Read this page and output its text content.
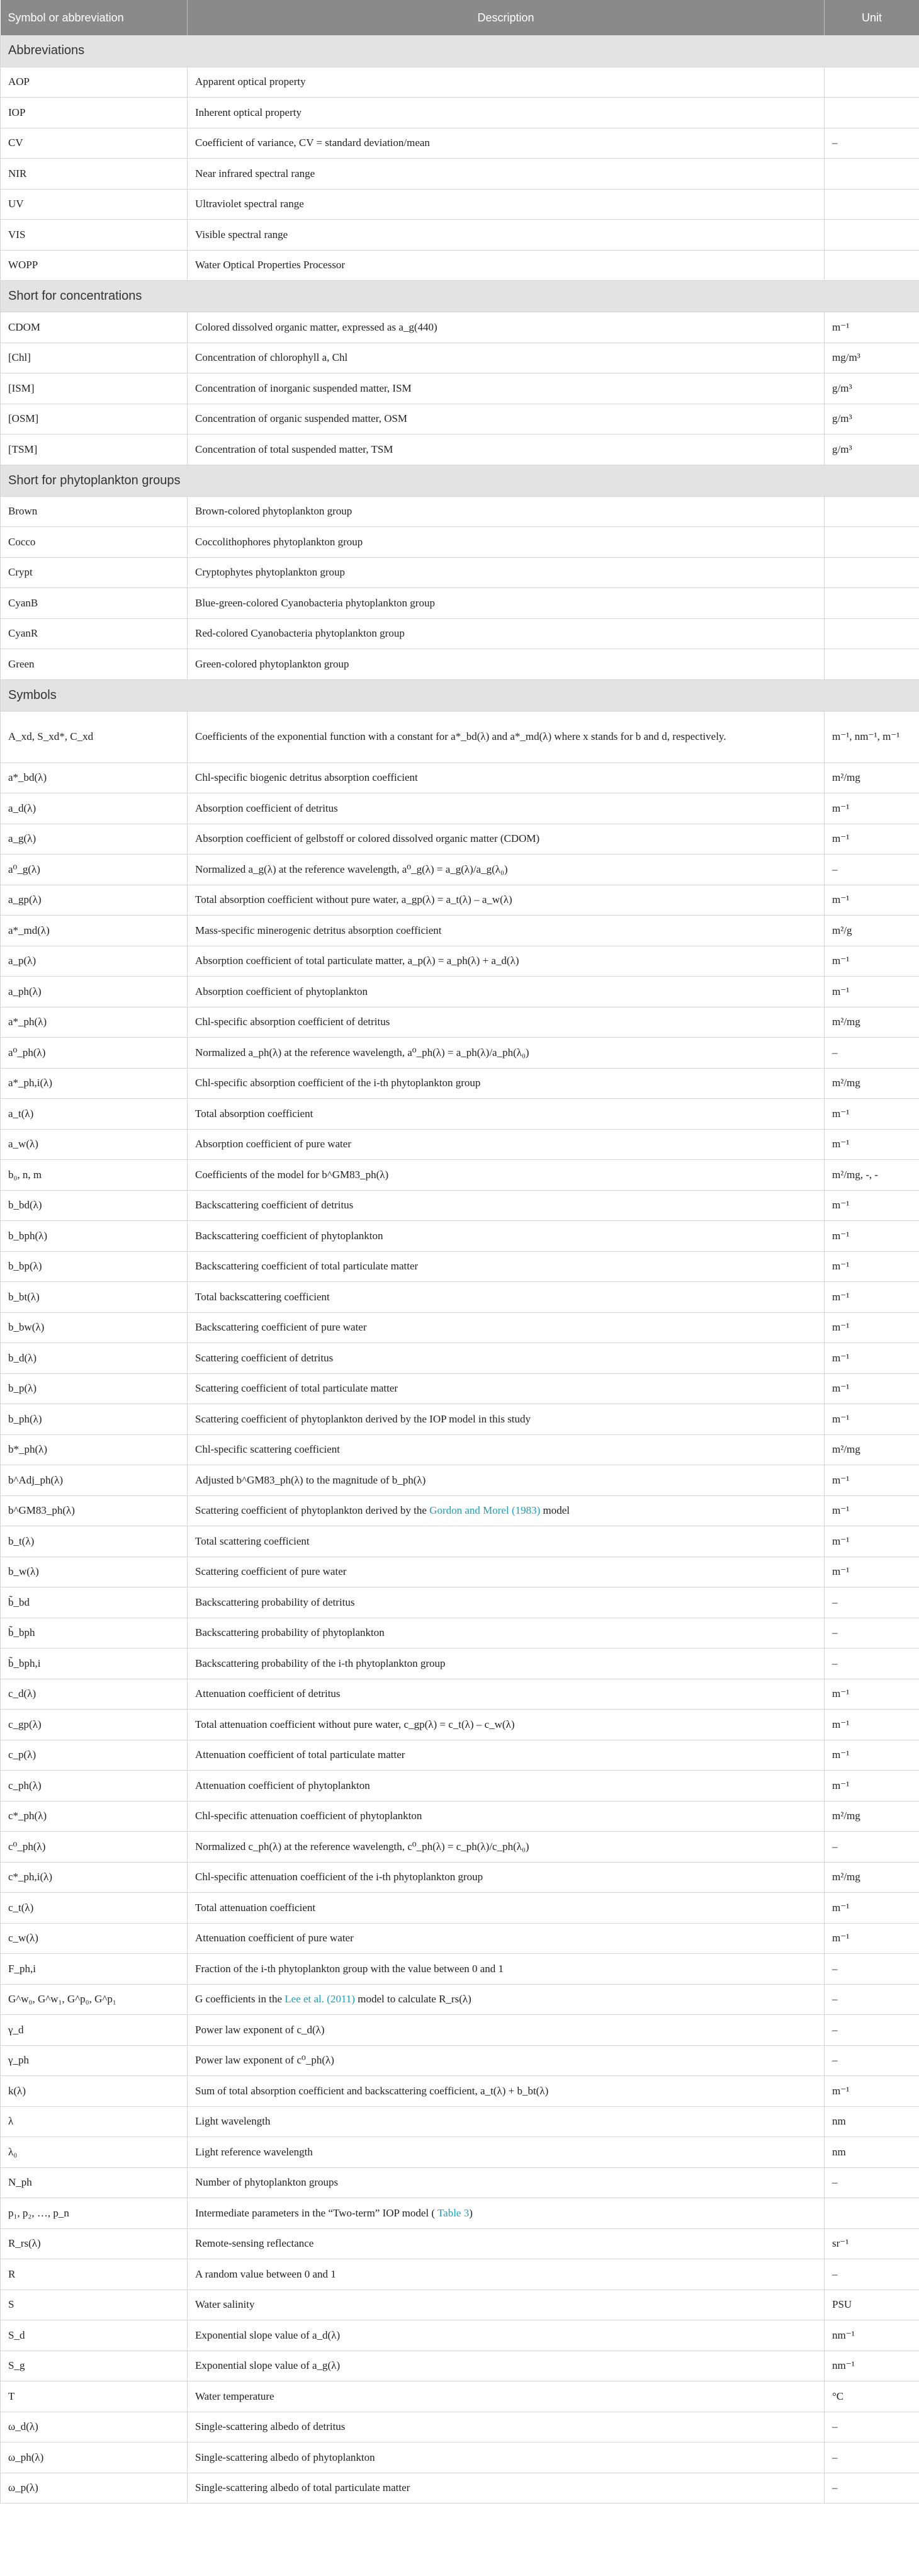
Symbol or abbreviation	Description	Unit
Abbreviations		
AOP	Apparent optical property	
IOP	Inherent optical property	
CV	Coefficient of variance, CV = standard deviation/mean	–
NIR	Near infrared spectral range	
UV	Ultraviolet spectral range	
VIS	Visible spectral range	
WOPP	Water Optical Properties Processor	
Short for concentrations		
CDOM	Colored dissolved organic matter, expressed as a_g(440)	m⁻¹
[Chl]	Concentration of chlorophyll a, Chl	mg/m³
[ISM]	Concentration of inorganic suspended matter, ISM	g/m³
[OSM]	Concentration of organic suspended matter, OSM	g/m³
[TSM]	Concentration of total suspended matter, TSM	g/m³
Short for phytoplankton groups		
Brown	Brown-colored phytoplankton group	
Cocco	Coccolithophores phytoplankton group	
Crypt	Cryptophytes phytoplankton group	
CyanB	Blue-green-colored Cyanobacteria phytoplankton group	
CyanR	Red-colored Cyanobacteria phytoplankton group	
Green	Green-colored phytoplankton group	
Symbols		
A_xd, S_xd*, C_xd	Coefficients of the exponential function with a constant for a*_bd(λ) and a*_md(λ) where x stands for b and d, respectively.	m⁻¹, nm⁻¹, m⁻¹
a*_bd(λ)	Chl-specific biogenic detritus absorption coefficient	m²/mg
a_d(λ)	Absorption coefficient of detritus	m⁻¹
a_g(λ)	Absorption coefficient of gelbstoff or colored dissolved organic matter (CDOM)	m⁻¹
a⁰_g(λ)	Normalized a_g(λ) at the reference wavelength, a⁰_g(λ) = a_g(λ)/a_g(λ₀)	–
a_gp(λ)	Total absorption coefficient without pure water, a_gp(λ) = a_t(λ) – a_w(λ)	m⁻¹
a*_md(λ)	Mass-specific minerogenic detritus absorption coefficient	m²/g
a_p(λ)	Absorption coefficient of total particulate matter, a_p(λ) = a_ph(λ) + a_d(λ)	m⁻¹
a_ph(λ)	Absorption coefficient of phytoplankton	m⁻¹
a*_ph(λ)	Chl-specific absorption coefficient of detritus	m²/mg
a⁰_ph(λ)	Normalized a_ph(λ) at the reference wavelength, a⁰_ph(λ) = a_ph(λ)/a_ph(λ₀)	–
a*_ph,i(λ)	Chl-specific absorption coefficient of the i-th phytoplankton group	m²/mg
a_t(λ)	Total absorption coefficient	m⁻¹
a_w(λ)	Absorption coefficient of pure water	m⁻¹
b₀, n, m	Coefficients of the model for b^GM83_ph(λ)	m²/mg, -, -
b_bd(λ)	Backscattering coefficient of detritus	m⁻¹
b_bph(λ)	Backscattering coefficient of phytoplankton	m⁻¹
b_bp(λ)	Backscattering coefficient of total particulate matter	m⁻¹
b_bt(λ)	Total backscattering coefficient	m⁻¹
b_bw(λ)	Backscattering coefficient of pure water	m⁻¹
b_d(λ)	Scattering coefficient of detritus	m⁻¹
b_p(λ)	Scattering coefficient of total particulate matter	m⁻¹
b_ph(λ)	Scattering coefficient of phytoplankton derived by the IOP model in this study	m⁻¹
b*_ph(λ)	Chl-specific scattering coefficient	m²/mg
b^Adj_ph(λ)	Adjusted b^GM83_ph(λ) to the magnitude of b_ph(λ)	m⁻¹
b^GM83_ph(λ)	Scattering coefficient of phytoplankton derived by the Gordon and Morel (1983) model	m⁻¹
b_t(λ)	Total scattering coefficient	m⁻¹
b_w(λ)	Scattering coefficient of pure water	m⁻¹
b̃_bd	Backscattering probability of detritus	–
b̃_bph	Backscattering probability of phytoplankton	–
b̃_bph,i	Backscattering probability of the i-th phytoplankton group	–
c_d(λ)	Attenuation coefficient of detritus	m⁻¹
c_gp(λ)	Total attenuation coefficient without pure water, c_gp(λ) = c_t(λ) – c_w(λ)	m⁻¹
c_p(λ)	Attenuation coefficient of total particulate matter	m⁻¹
c_ph(λ)	Attenuation coefficient of phytoplankton	m⁻¹
c*_ph(λ)	Chl-specific attenuation coefficient of phytoplankton	m²/mg
c⁰_ph(λ)	Normalized c_ph(λ) at the reference wavelength, c⁰_ph(λ) = c_ph(λ)/c_ph(λ₀)	–
c*_ph,i(λ)	Chl-specific attenuation coefficient of the i-th phytoplankton group	m²/mg
c_t(λ)	Total attenuation coefficient	m⁻¹
c_w(λ)	Attenuation coefficient of pure water	m⁻¹
F_ph,i	Fraction of the i-th phytoplankton group with the value between 0 and 1	–
G^w₀, G^w₁, G^p₀, G^p₁	G coefficients in the Lee et al. (2011) model to calculate R_rs(λ)	–
γ_d	Power law exponent of c_d(λ)	–
γ_ph	Power law exponent of c⁰_ph(λ)	–
k(λ)	Sum of total absorption coefficient and backscattering coefficient, a_t(λ) + b_bt(λ)	m⁻¹
λ	Light wavelength	nm
λ₀	Light reference wavelength	nm
N_ph	Number of phytoplankton groups	–
p₁, p₂, …, p_n	Intermediate parameters in the “Two-term” IOP model ( Table 3)	
R_rs(λ)	Remote-sensing reflectance	sr⁻¹
R	A random value between 0 and 1	–
S	Water salinity	PSU
S_d	Exponential slope value of a_d(λ)	nm⁻¹
S_g	Exponential slope value of a_g(λ)	nm⁻¹
T	Water temperature	°C
ω_d(λ)	Single-scattering albedo of detritus	–
ω_ph(λ)	Single-scattering albedo of phytoplankton	–
ω_p(λ)	Single-scattering albedo of total particulate matter	–
